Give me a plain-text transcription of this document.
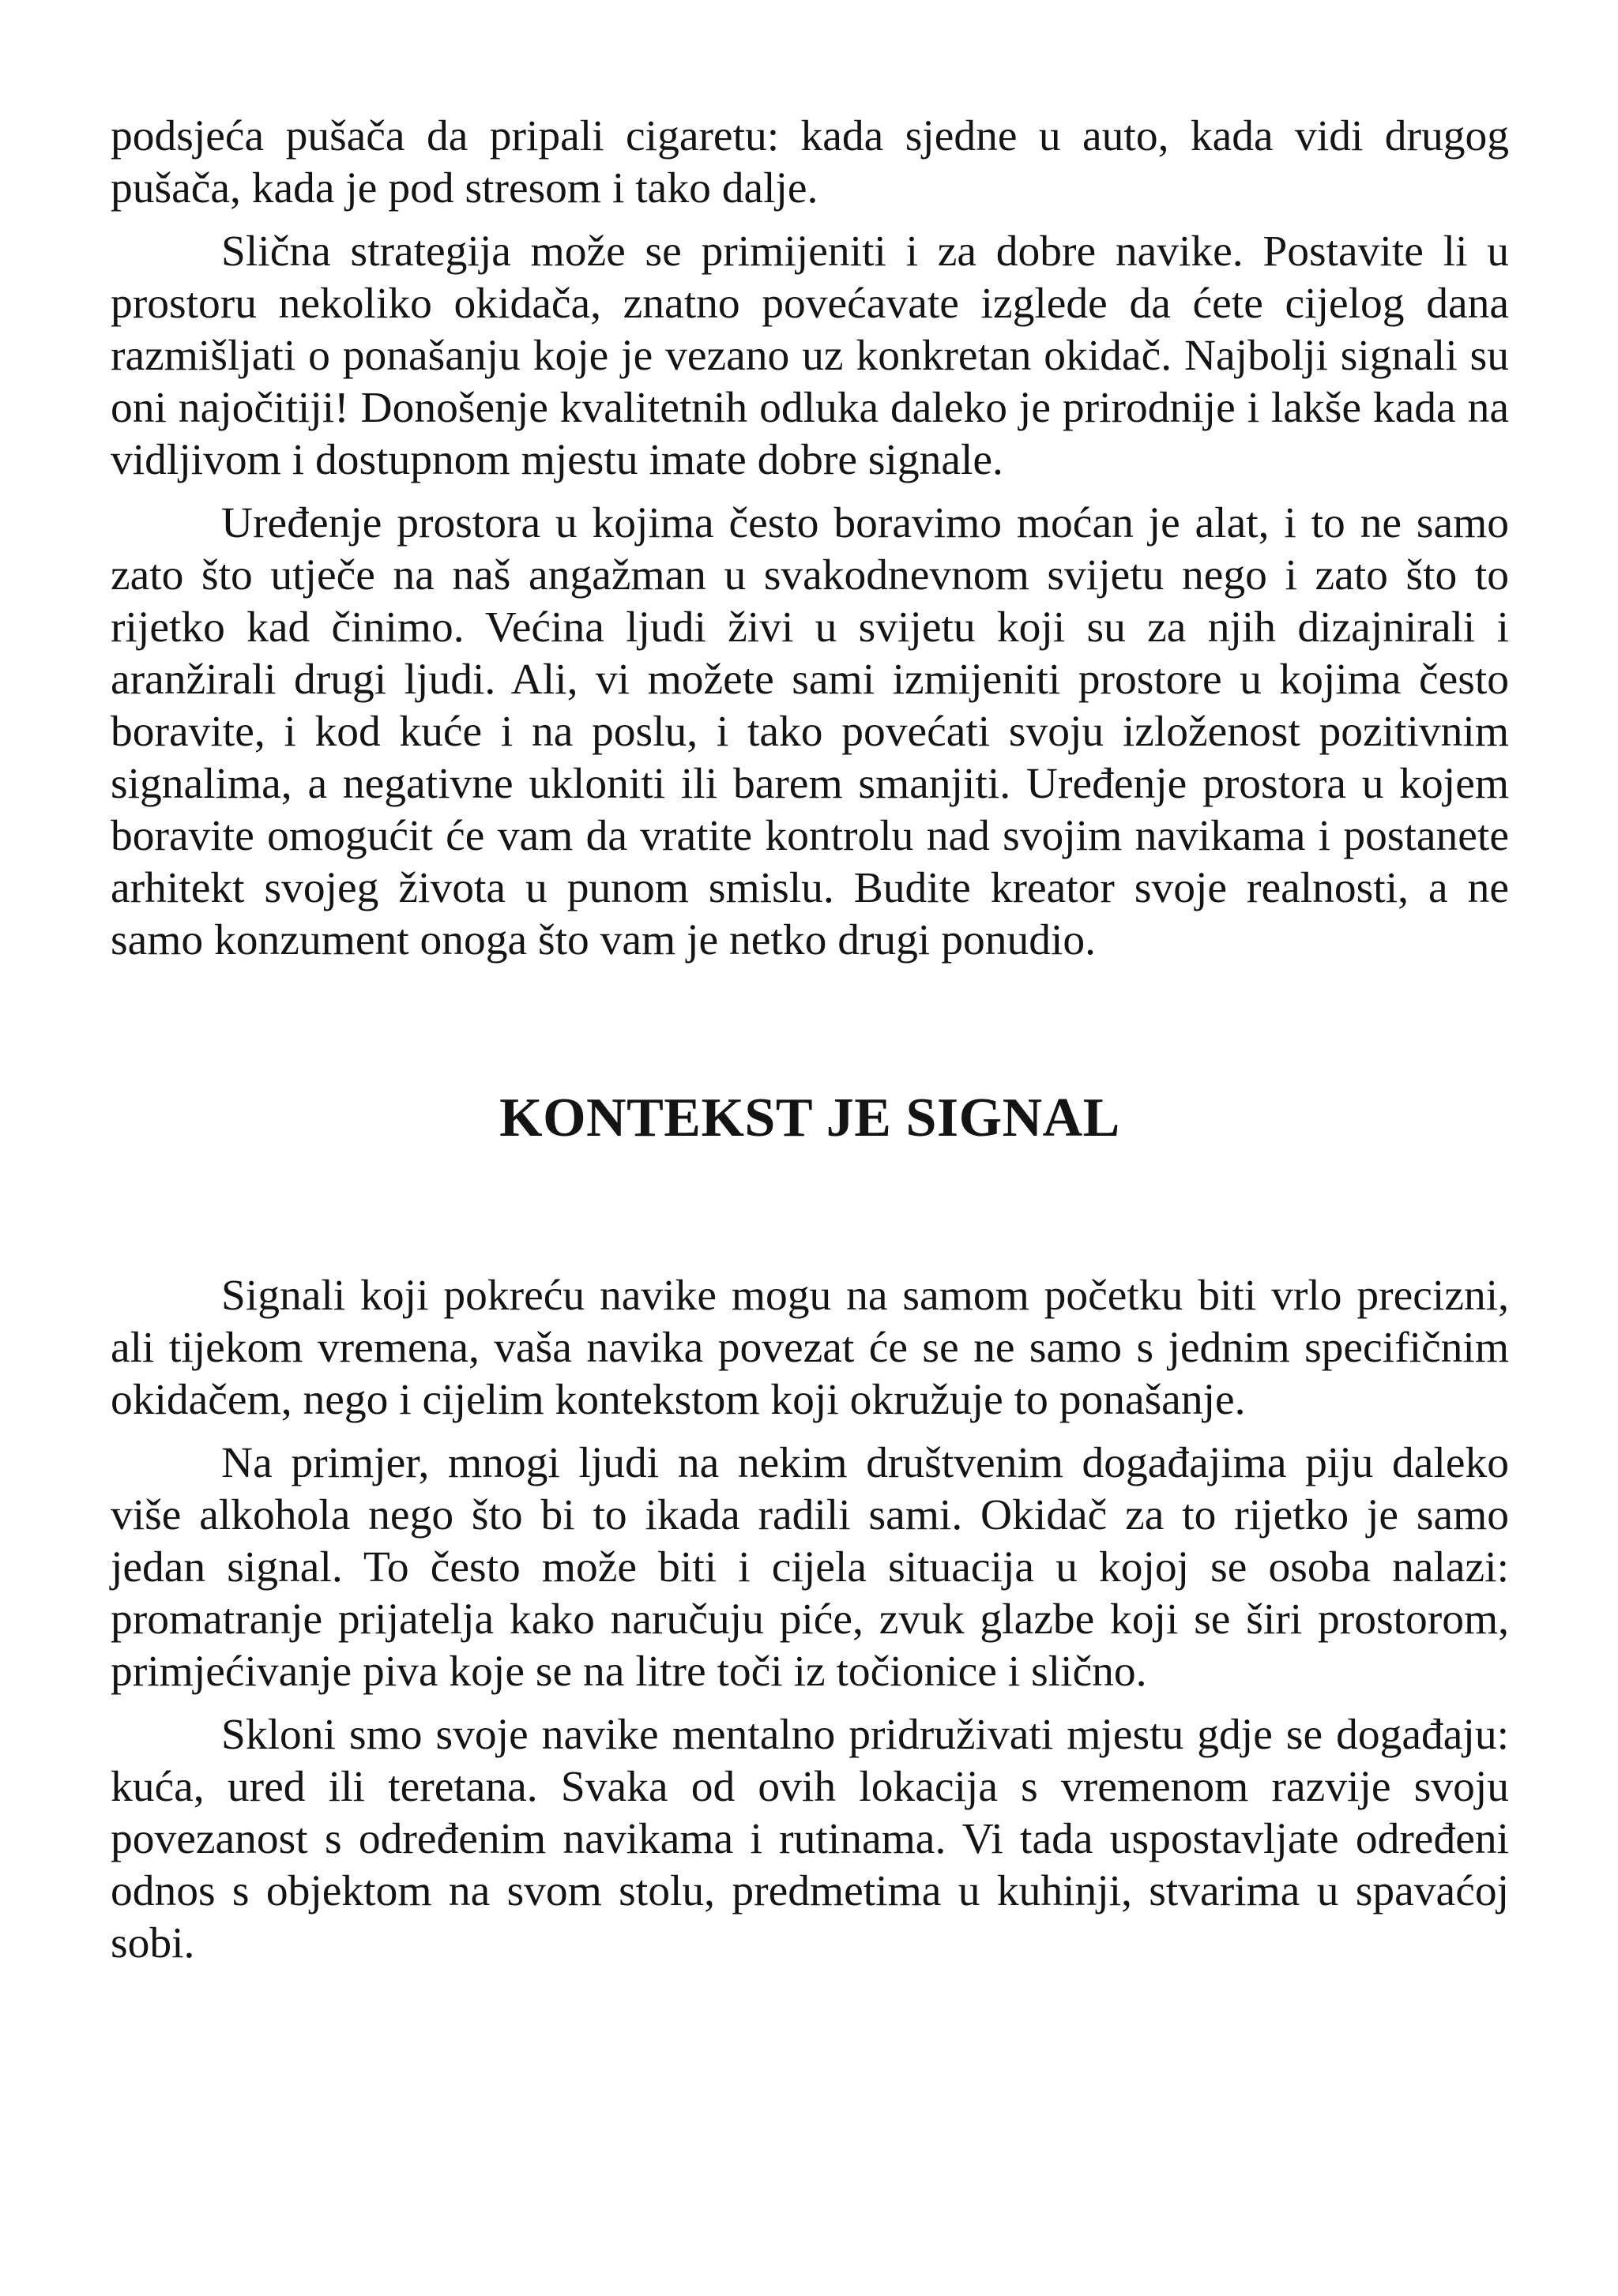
podsjeća pušača da pripali cigaretu: kada sjedne u auto, kada vidi drugog pušača, kada je pod stresom i tako dalje.

Slična strategija može se primijeniti i za dobre navike. Postavite li u prostoru nekoliko okidača, znatno povećavate izglede da ćete cijelog dana razmišljati o ponašanju koje je vezano uz konkretan okidač. Najbolji signali su oni najočitiji! Donošenje kvalitetnih odluka daleko je prirodnije i lakše kada na vidljivom i dostupnom mjestu imate dobre signale.

Uređenje prostora u kojima često boravimo moćan je alat, i to ne samo zato što utječe na naš angažman u svakodnevnom svijetu nego i zato što to rijetko kad činimo. Većina ljudi živi u svijetu koji su za njih dizajnirali i aranžirali drugi ljudi. Ali, vi možete sami izmijeniti prostore u kojima često boravite, i kod kuće i na poslu, i tako povećati svoju izloženost pozitivnim signalima, a negativne ukloniti ili barem smanjiti. Uređenje prostora u kojem boravite omogućit će vam da vratite kontrolu nad svojim navikama i postanete arhitekt svojeg života u punom smislu. Budite kreator svoje realnosti, a ne samo konzument onoga što vam je netko drugi ponudio.

KONTEKST JE SIGNAL

Signali koji pokreću navike mogu na samom početku biti vrlo precizni, ali tijekom vremena, vaša navika povezat će se ne samo s jednim specifičnim okidačem, nego i cijelim kontekstom koji okružuje to ponašanje.

Na primjer, mnogi ljudi na nekim društvenim događajima piju daleko više alkohola nego što bi to ikada radili sami. Okidač za to rijetko je samo jedan signal. To često može biti i cijela situacija u kojoj se osoba nalazi: promatranje prijatelja kako naručuju piće, zvuk glazbe koji se širi prostorom, primjećivanje piva koje se na litre toči iz točionice i slično.

Skloni smo svoje navike mentalno pridruživati mjestu gdje se događaju: kuća, ured ili teretana. Svaka od ovih lokacija s vremenom razvije svoju povezanost s određenim navikama i rutinama. Vi tada uspostavljate određeni odnos s objektom na svom stolu, predmetima u kuhinji, stvarima u spavaćoj sobi.
